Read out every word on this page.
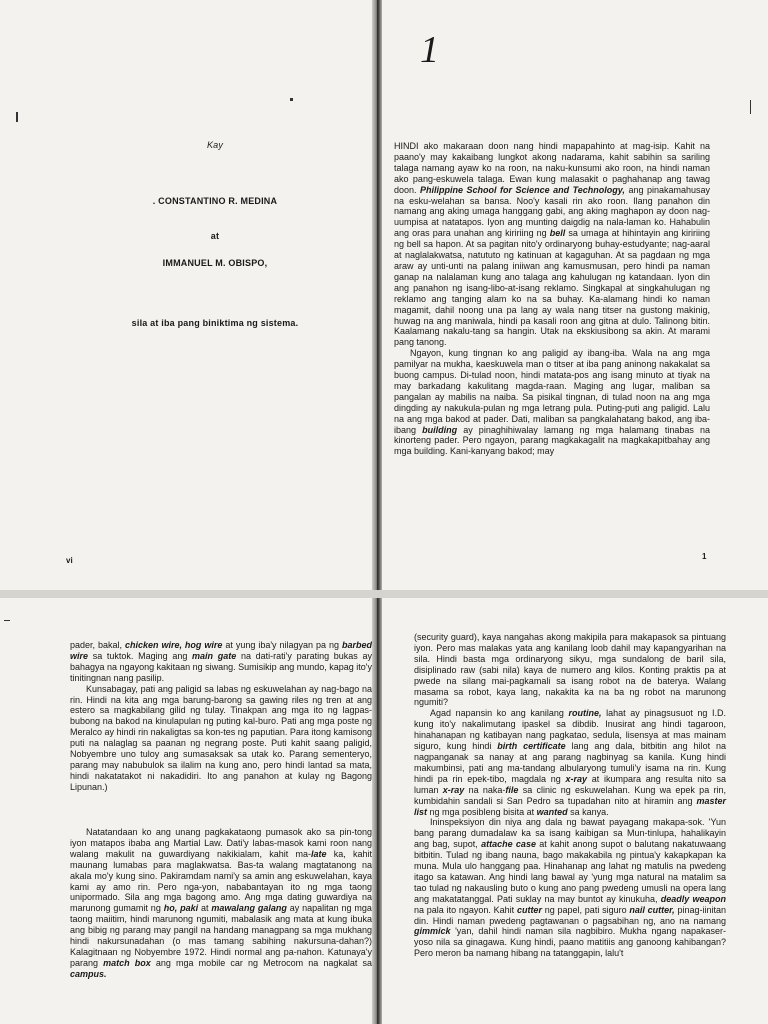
Kay
. CONSTANTINO R. MEDINA
at
IMMANUEL M. OBISPO,
sila at iba pang biniktima ng sistema.
vi
1

HINDI ako makaraan doon nang hindi mapapahinto at mag-isip. Kahit na paano'y may kakaibang lungkot akong nadarama, kahit sabihin sa sariling talaga namang ayaw ko na roon, na naku-kunsumi ako roon, na hindi naman ako pang-eskuwela talaga. Ewan kung malasakit o paghahanap ang tawag doon. Philippine School for Science and Technology, ang pinakamahusay na esku-welahan sa bansa. Noo'y kasali rin ako roon. Ilang panahon din namang ang aking umaga hanggang gabi, ang aking maghapon ay doon nag-uumpisa at natatapos. Iyon ang munting daigdig na nala-laman ko. Hahabulin ang oras para unahan ang kiririing ng bell sa umaga at hihintayin ang kiririing ng bell sa hapon. At sa pagitan nito'y ordinaryong buhay-estudyante; nag-aaral at naglalakwatsa, natututo ng katinuan at kagaguhan. At sa pagdaan ng mga araw ay unti-unti na palang iniiwan ang kamusmusan, pero hindi pa naman ganap na nalalaman kung ano talaga ang kahulugan ng katandaan. Iyon din ang panahon ng isang-libo-at-isang reklamo. Singkapal at singkahulugan ng reklamo ang tanging alam ko na sa buhay. Ka-alamang hindi ko naman magamit, dahil noong una pa lang ay wala nang titser na gustong makinig, huwag na ang maniwala, hindi pa kasali roon ang gitna at dulo. Talinong bitin. Kaalamang nakalu-tang sa hangin. Utak na ekskiusibong sa akin. At marami pang tanong.

Ngayon, kung tingnan ko ang paligid ay ibang-iba. Wala na ang mga pamilyar na mukha, kaeskuwela man o titser at iba pang aninong nakakalat sa buong campus. Di-tulad noon, hindi matata-pos ang isang minuto at tiyak na may barkadang kakulitang magda-raan. Maging ang lugar, maliban sa pangalan ay mabilis na naiba. Sa pisikal tingnan, di tulad noon na ang mga dingding ay nakukula-pulan ng mga letrang pula. Puting-puti ang paligid. Lalu na ang mga bakod at pader. Dati, maliban sa pangkalahatang bakod, ang iba-ibang building ay pinaghihiwalay lamang ng mga halamang tinabas na kinorteng pader. Pero ngayon, parang magkakagalit na magkakapitbahay ang mga building. Kani-kanyang bakod; may

1

pader, bakal, chicken wire, hog wire at yung iba'y nilagyan pa ng barbed wire sa tuktok. Maging ang main gate na dati-rati'y parating bukas ay bahagya na ngayong kakitaan ng siwang. Sumisikip ang mundo, kapag ito'y tinitingnan nang pasilip.

Kunsabagay, pati ang paligid sa labas ng eskuwelahan ay nag-bago na rin. Hindi na kita ang mga barung-barong sa gawing riles ng tren at ang estero sa magkabilang gilid ng tulay. Tinakpan ang mga ito ng lagpas-bubong na bakod na kinulapulan ng puting kal-buro. Pati ang mga poste ng Meralco ay hindi rin nakaligtas sa kon-tes ng paputian. Para itong kamisong puti na nalaglag sa paanan ng negrang poste. Puti kahit saang paligid, Nobyembre uno tuloy ang sumasaksak sa utak ko. Parang sementeryo, parang may nabubulok sa ilalim na kung ano, pero hindi lantad sa mata, hindi nakatatakot ni nakadidiri. Ito ang panahon at kulay ng Bagong Lipunan.)

Natatandaan ko ang unang pagkakataong pumasok ako sa pin-tong iyon matapos ibaba ang Martial Law. Dati'y labas-masok kami roon nang walang makulit na guwardiyang nakikialam, kahit ma-late ka, kahit maunang lumabas para maglakwatsa. Bas-ta walang magtatanong na akala mo'y kung sino. Pakiramdam nami'y sa amin ang eskuwelahan, kaya kami ay amo rin. Pero nga-yon, nababantayan ito ng mga taong unipormado. Sila ang mga bagong amo. Ang mga dating guwardiya na marunong gumamit ng ho, paki at mawalang galang ay napalitan ng mga taong maiitim, hindi marunong ngumiti, mabalasik ang mata at kung ibuka ang bibig ng parang may pangil na handang managpang sa mga mukhang hindi nakursunadahan (o mas tamang sabihing nakursuna-dahan?) Kalagitnaan ng Nobyembre 1972. Hindi normal ang pa-nahon. Katunaya'y parang match box ang mga mobile car ng Metrocom na nagkalat sa campus.

(security guard), kaya nangahas akong makipila para makapasok sa pintuang iyon. Pero mas malakas yata ang kanilang loob dahil may kapangyarihan na sila. Hindi basta mga ordinaryong sikyu, mga sundalong de baril sila, disiplinado raw (sabi nila) kaya de numero ang kilos. Konting praktis pa at pwede na silang mai-pagkamali sa isang robot na de baterya. Walang masama sa robot, kaya lang, nakakita ka na ba ng robot na marunong ngumiti?

Agad napansin ko ang kanilang routine, lahat ay pinagsusuot ng I.D. kung ito'y nakalimutang ipaskel sa dibdib. Inusirat ang hindi tagaroon, hinahanapan ng katibayan nang pagkatao, sedula, lisensya at mas mainam siguro, kung hindi birth certificate lang ang dala, bitbitin ang hilot na nagpanganak sa nanay at ang parang nagbinyag sa kanila. Kung hindi makumbinsi, pati ang ma-tandang albularyong tumuli'y isama na rin. Kung hindi pa rin epek-tibo, magdala ng x-ray at ikumpara ang resulta nito sa luman x-ray na naka-file sa clinic ng eskuwelahan. Kung wa epek pa rin, kumbidahin sandali si San Pedro sa tupadahan nito at hiramin ang master list ng mga posibleng bisita at wanted sa kanya.

Ininspeksiyon din niya ang dala ng bawat payagang makapa-sok. 'Yun bang parang dumadalaw ka sa isang kaibigan sa Mun-tinlupa, hahalikayin ang bag, supot, attache case at kahit anong supot o balutang nakatuwaang bitbitin. Tulad ng ibang nauna, bago makakabila ng pintua'y kakapkapan ka muna. Mula ulo hanggang paa. Hinahanap ang lahat ng matulis na pwedeng itago sa katawan. Ang hindi lang bawal ay 'yung mga natural na matalim sa tao tulad ng nakausling buto o kung ano pang pwedeng umusli na opera lang ang makatatanggal. Pati suklay na may buntot ay kinukuha, deadly weapon na pala ito ngayon. Kahit cutter ng papel, pati siguro nail cutter, pinag-iinitan din. Hindi naman pwedeng pagtawanan o pagsabihan ng, ano na namang gimmick 'yan, dahil hindi naman sila nagbibiro. Mukha ngang napakaser-yoso nila sa ginagawa. Kung hindi, paano matitiis ang ganoong kahibangan? Pero meron ba namang hibang na tatanggapin, lalu't
